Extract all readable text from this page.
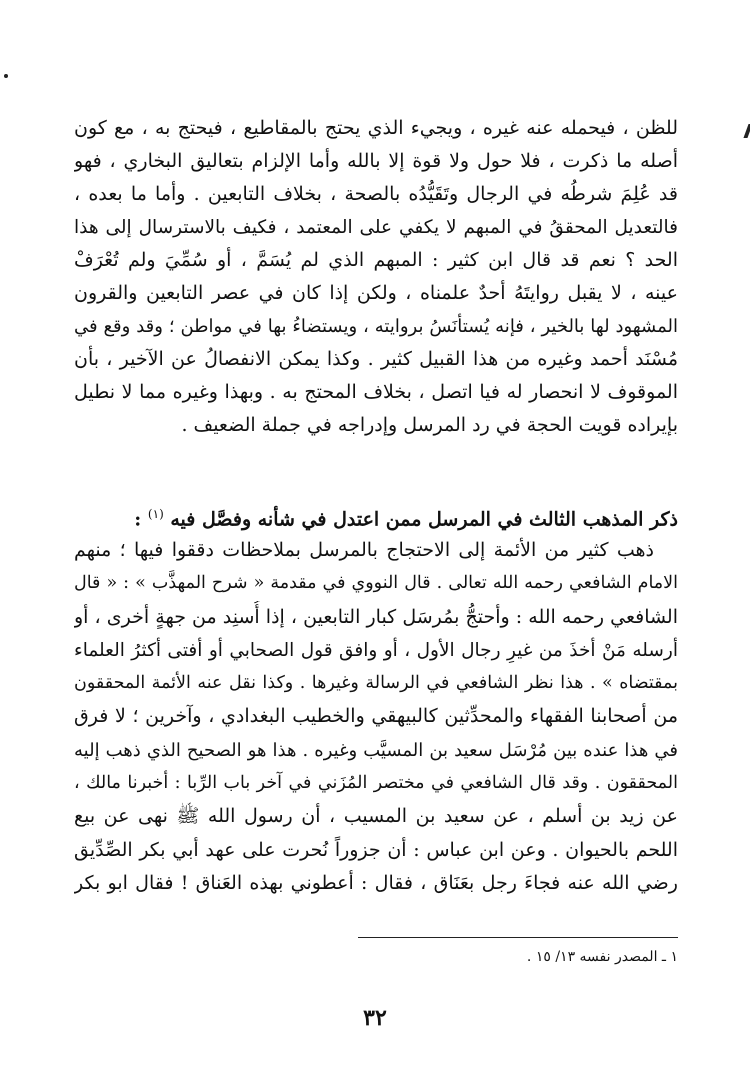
للظن ، فيحمله عنه غيره ، ويجيء الذي يحتج بالمقاطيع ، فيحتج به ، مع كون
أصله ما ذكرت ، فلا حول ولا قوة إلا بالله وأما الإلزام بتعاليق البخاري ، فهو
قد عُلِمَ شرطُه في الرجال وتَقَيُّدُه بالصحة ، بخلاف التابعين . وأما ما بعده ،
فالتعديل المحققُ في المبهم لا يكفي على المعتمد ، فكيف بالاسترسال إلى هذا
الحد ؟ نعم قد قال ابن كثير : المبهم الذي لم يُسَمَّ ، أو سُمِّيَ ولم تُعْرَفْ
عينه ، لا يقبل روايتَهُ أحدٌ علمناه ، ولكن إذا كان في عصر التابعين والقرون
المشهود لها بالخير ، فإنه يُستأنَسُ بروايته ، ويستضاءُ بها في مواطن ؛ وقد وقع في
مُسْنَد أحمد وغيره من هذا القبيل كثير . وكذا يمكن الانفصالُ عن الآخير ، بأن
الموقوف لا انحصار له فيا اتصل ، بخلاف المحتج به . وبهذا وغيره مما لا نطيل
بإيراده قويت الحجة في رد المرسل وإدراجه في جملة الضعيف .
ذكر المذهب الثالث في المرسل ممن اعتدل في شأنه وفصَّل فيه $^{(١)}$ :
ذهب كثير من الأئمة إلى الاحتجاج بالمرسل بملاحظات دققوا فيها ؛ منهم
الامام الشافعي رحمه الله تعالى . قال النووي في مقدمة « شرح المهذَّب » : « قال
الشافعي رحمه الله : وأحتجُّ بمُرسَل كبار التابعين ، إذا أُسنِد من جهةٍ أخرى ، أو
أرسله مَنْ أخذَ من غيرِ رجال الأول ، أو وافق قول الصحابي أو أفتى أكثرُ العلماء
بمقتضاه » . هذا نظر الشافعي في الرسالة وغيرها . وكذا نقل عنه الأئمة المحققون
من أصحابنا الفقهاء والمحدِّثين كالبيهقي والخطيب البغدادي ، وآخرين ؛ لا فرق
في هذا عنده بين مُرْسَل سعيد بن المسيَّب وغيره . هذا هو الصحيح الذي ذهب إليه
المحققون . وقد قال الشافعي في مختصر المُزَني في آخر باب الرِّبا : أخبرنا مالك ،
عن زيد بن أسلم ، عن سعيد بن المسيب ، أن رسول الله ﷺ نهى عن بيع
اللحم بالحيوان . وعن ابن عباس : أن جزوراً نُحرت على عهد أبي بكر الصِّدِّيق
رضي الله عنه فجاءَ رجل بعَنَاق ، فقال : أعطوني بهذه العَناق ! فقال ابو بكر
١ ـ المصدر نفسه ١٣/ ١٥ .
٣٢
